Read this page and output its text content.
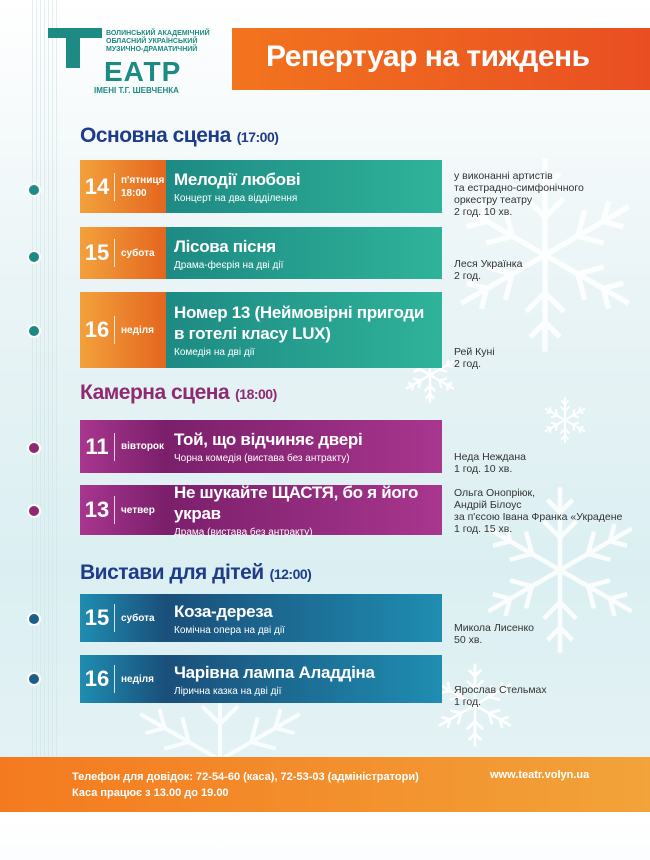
ВОЛИНСЬКИЙ АКАДЕМІЧНИЙ ОБЛАСНИЙ УКРАЇНСЬКИЙ МУЗИЧНО-ДРАМАТИЧНИЙ
ЕАТР
ІМЕНІ Т.Г. ШЕВЧЕНКА
Репертуар на тиждень
Основна сцена (17:00)
Камерна сцена (18:00)
Вистави для дітей (12:00)
14	п'ятниця
18:00
Мелодії любові
Концерт на два відділення
у виконанні артистів
та естрадно-симфонічного
оркестру театру
2 год. 10 хв.
15	субота Лісова пісня
Драма-феєрія на дві дії	Леся Українка
2 год.
16	неділя
Номер 13 (Неймовірні пригоди
в готелі класу LUX)
Комедія на дві дії	Рей Куні
2 год.
11	вівторок Той, що відчиняє двері
Чорна комедія (вистава без антракту)	Неда Нежданa
1 год. 10 хв.
13	четвер
Не шукайте ЩАСТЯ, бо я його украв
Драма (вистава без антракту)
Ольга Онопріюк,
Андрій Білоус
за п'єсою Івана Франка «Украдене
1 год. 15 хв.
15	субота Коза-дереза
Комічна опера на дві дії	Микола Лисенко
50 хв.
16	неділя Чарівна лампа Аладдіна
Лірична казка на дві дії	Ярослав Стельмах
1 год.
Телефон для довідок: 72-54-60 (каса), 72-53-03 (адміністратори)
Каса працює з 13.00 до 19.00
www.teatr.volyn.ua
